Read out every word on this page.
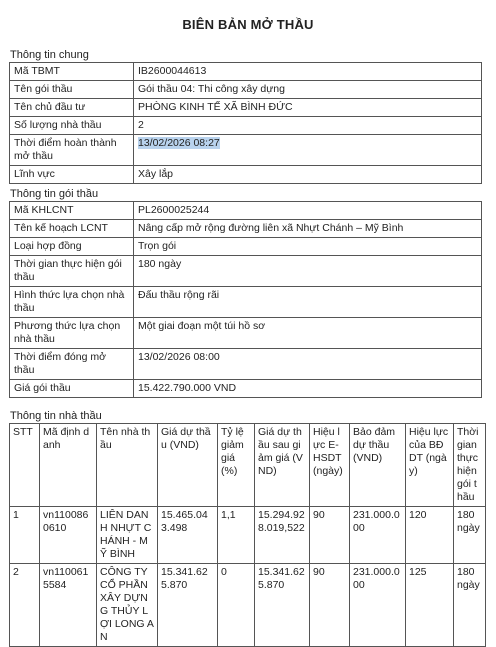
BIÊN BẢN MỞ THẦU
Thông tin chung
Mã TBMT	IB2600044613
Tên gói thầu	Gói thầu 04: Thi công xây dựng
Tên chủ đầu tư	PHÒNG KINH TẾ XÃ BÌNH ĐỨC
Số lượng nhà thầu	2
Thời điểm hoàn thành mở thầu	13/02/2026 08:27
Lĩnh vực	Xây lắp
Thông tin gói thầu
Mã KHLCNT	PL2600025244
Tên kế hoạch LCNT	Nâng cấp mở rộng đường liên xã Nhựt Chánh – Mỹ Bình
Loại hợp đồng	Trọn gói
Thời gian thực hiện gói thầu	180 ngày
Hình thức lựa chọn nhà thầu	Đấu thầu rộng rãi
Phương thức lựa chọn nhà thầu	Một giai đoạn một túi hồ sơ
Thời điểm đóng mở thầu	13/02/2026 08:00
Giá gói thầu	15.422.790.000 VND
Thông tin nhà thầu
STT	Mã định danh	Tên nhà thầu	Giá dự thầu (VND)	Tỷ lệ giảm giá (%)	Giá dự thầu sau giảm giá (VND)	Hiệu lực E-HSDT (ngày)	Bảo đảm dự thầu (VND)	Hiệu lực của BĐ DT (ngày)	Thời gian thực hiện gói thầu
1	vn1100860610	LIÊN DANH NHỰT CHÁNH - MỸ BÌNH	15.465.043.498	1,1	15.294.928.019,522	90	231.000.000	120	180 ngày
2	vn1100615584	CÔNG TY CỔ PHẦN XÂY DỰNG THỦY LỢI LONG AN	15.341.625.870	0	15.341.625.870	90	231.000.000	125	180 ngày
